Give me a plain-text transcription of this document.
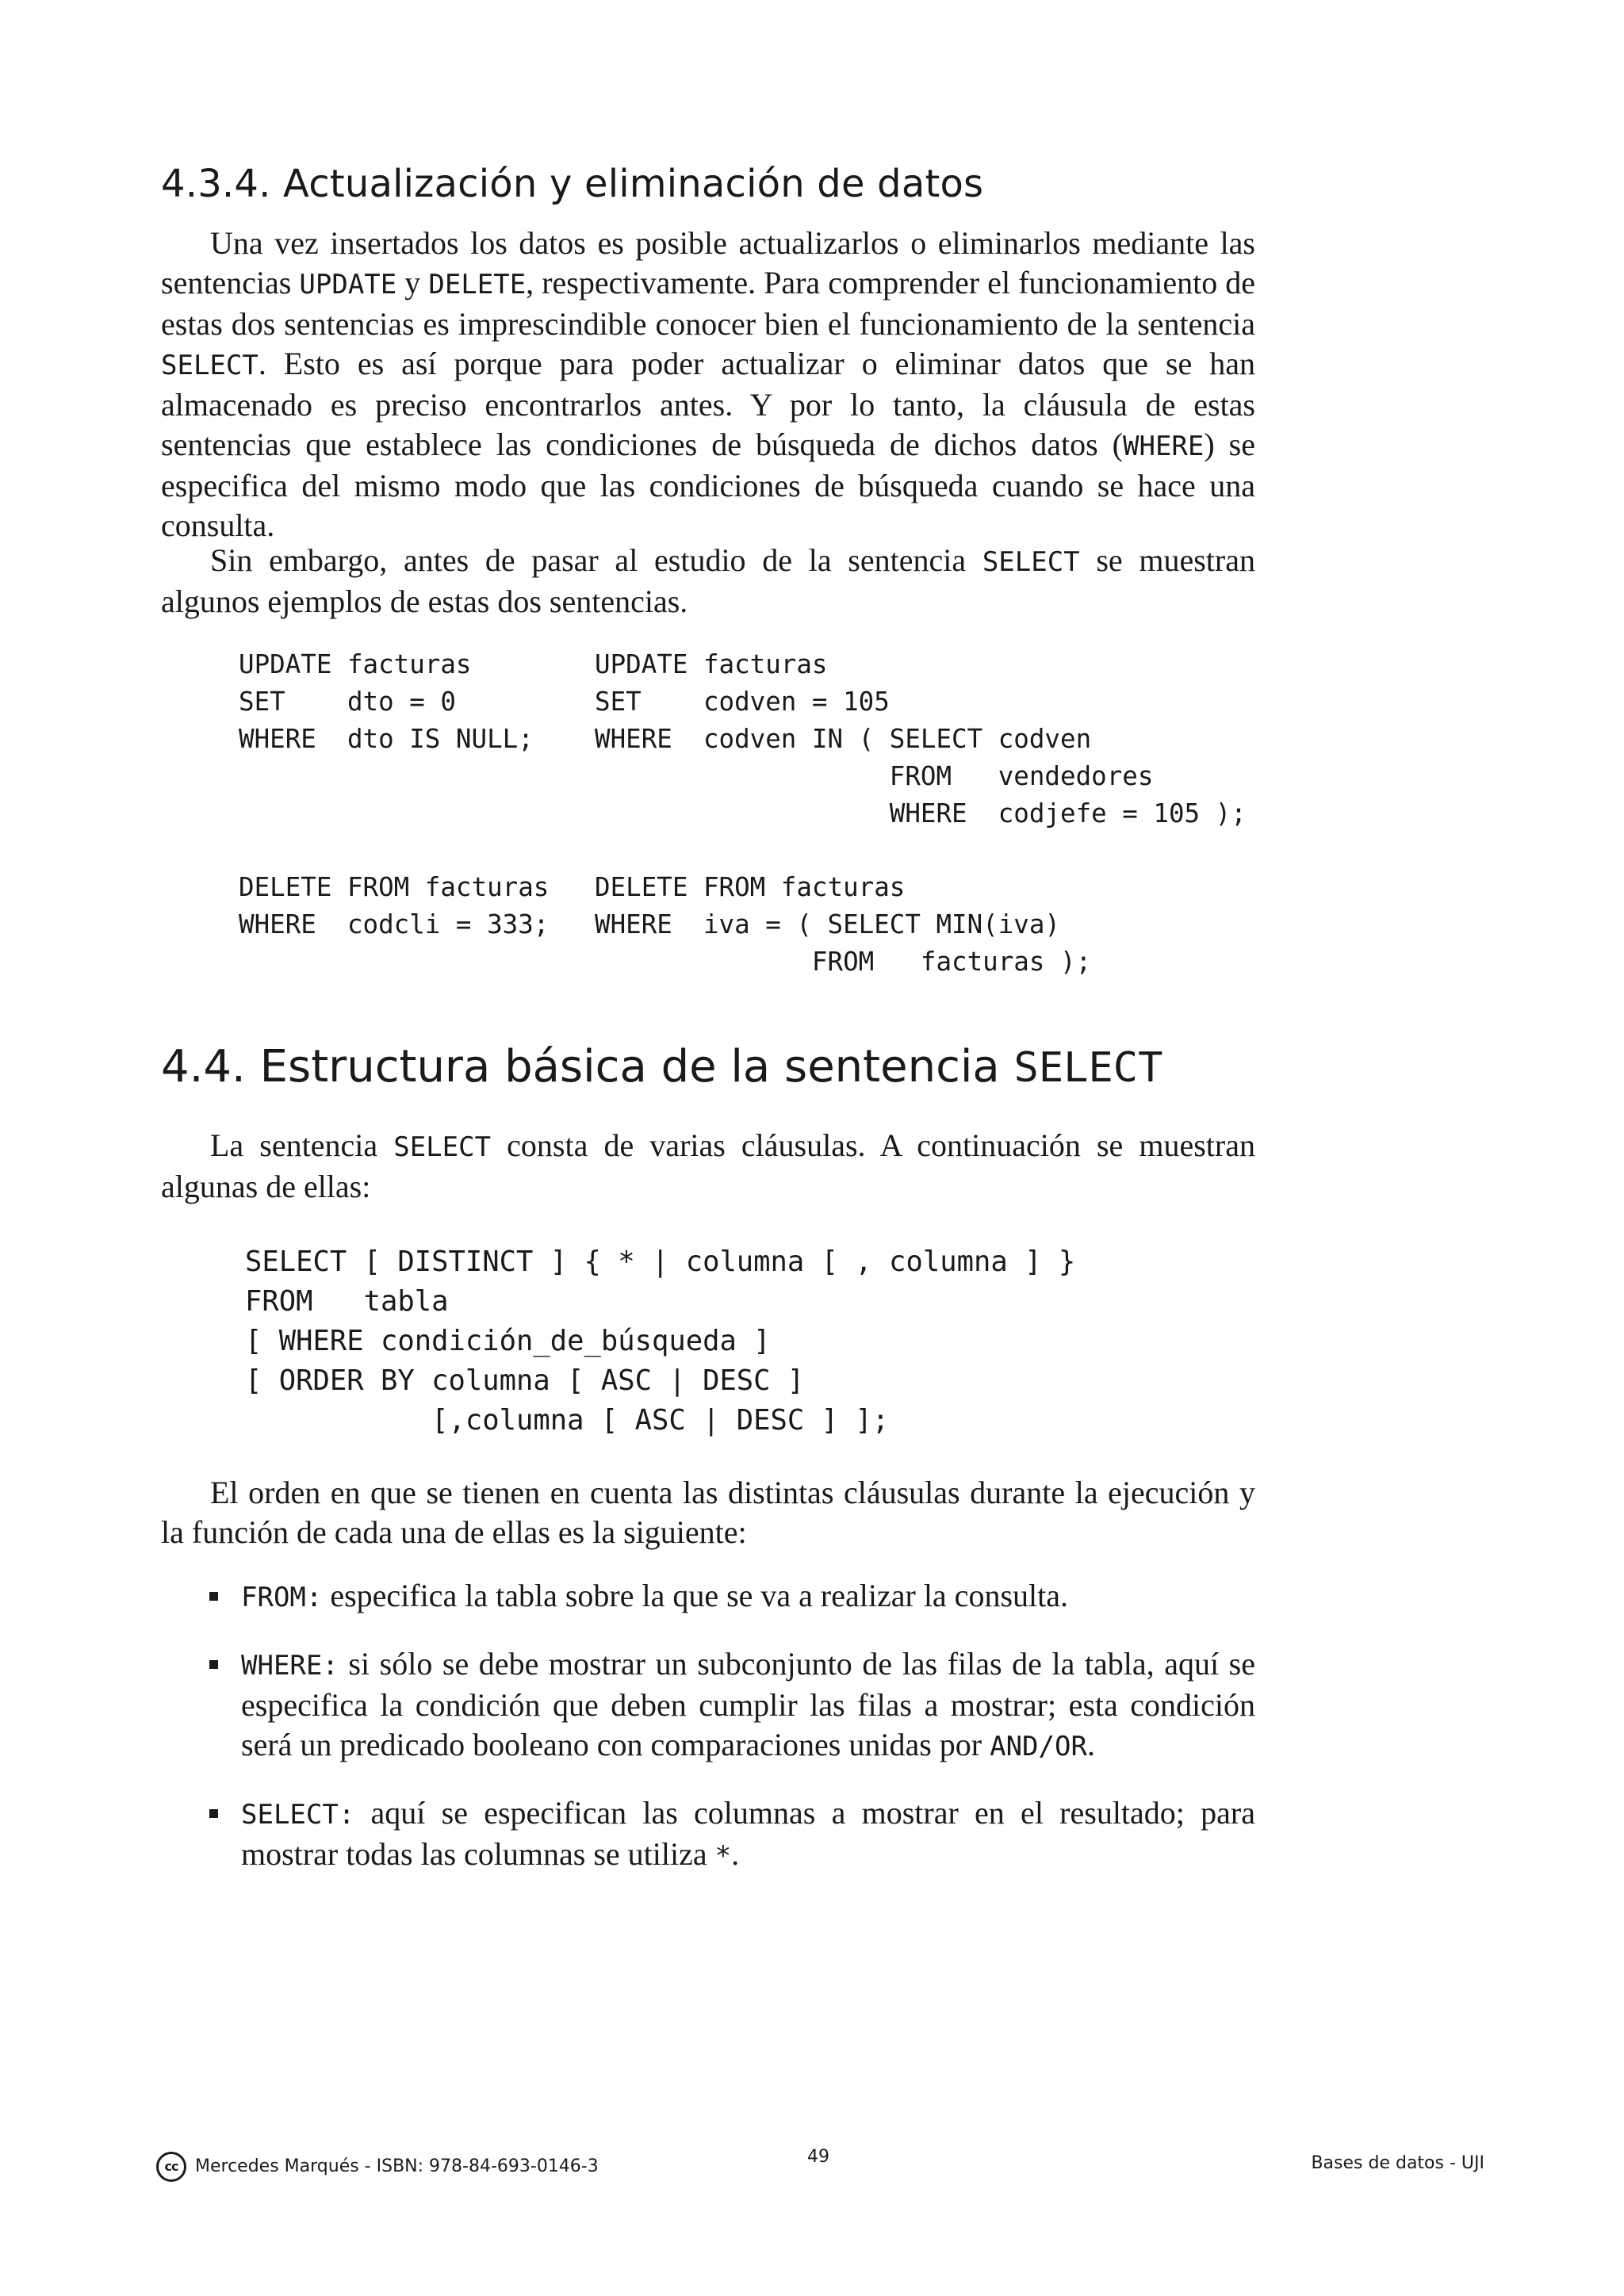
4.3.4. Actualización y eliminación de datos

Una vez insertados los datos es posible actualizarlos o eliminarlos mediante las sentencias UPDATE y DELETE, respectivamente. Para comprender el funcionamiento de estas dos sentencias es imprescindible conocer bien el funcionamiento de la sentencia SELECT. Esto es así porque para poder actualizar o eliminar datos que se han almacenado es preciso encontrarlos antes. Y por lo tanto, la cláusula de estas sentencias que establece las condiciones de búsqueda de dichos datos (WHERE) se especifica del mismo modo que las condiciones de búsqueda cuando se hace una consulta.

Sin embargo, antes de pasar al estudio de la sentencia SELECT se muestran algunos ejemplos de estas dos sentencias.

UPDATE facturas
SET    dto = 0
WHERE  dto IS NULL;
UPDATE facturas
SET    codven = 105
WHERE  codven IN ( SELECT codven
FROM   vendedores
WHERE  codjefe = 105 );
DELETE FROM facturas
WHERE  codcli = 333;
DELETE FROM facturas
WHERE  iva = ( SELECT MIN(iva)
FROM   facturas );
4.4. Estructura básica de la sentencia SELECT

La sentencia SELECT consta de varias cláusulas. A continuación se muestran algunas de ellas:

SELECT [ DISTINCT ] { * | columna [ , columna ] }
FROM   tabla
[ WHERE condición_de_búsqueda ]
[ ORDER BY columna [ ASC | DESC ]
[,columna [ ASC | DESC ] ];

El orden en que se tienen en cuenta las distintas cláusulas durante la ejecución y la función de cada una de ellas es la siguiente:

FROM: especifica la tabla sobre la que se va a realizar la consulta.
WHERE: si sólo se debe mostrar un subconjunto de las filas de la tabla, aquí se especifica la condición que deben cumplir las filas a mostrar; esta condición será un predicado booleano con comparaciones unidas por AND/OR.
SELECT: aquí se especifican las columnas a mostrar en el resultado; para mostrar todas las columnas se utiliza *.
cc Mercedes Marqués - ISBN: 978-84-693-0146-3	49	Bases de datos - UJI
